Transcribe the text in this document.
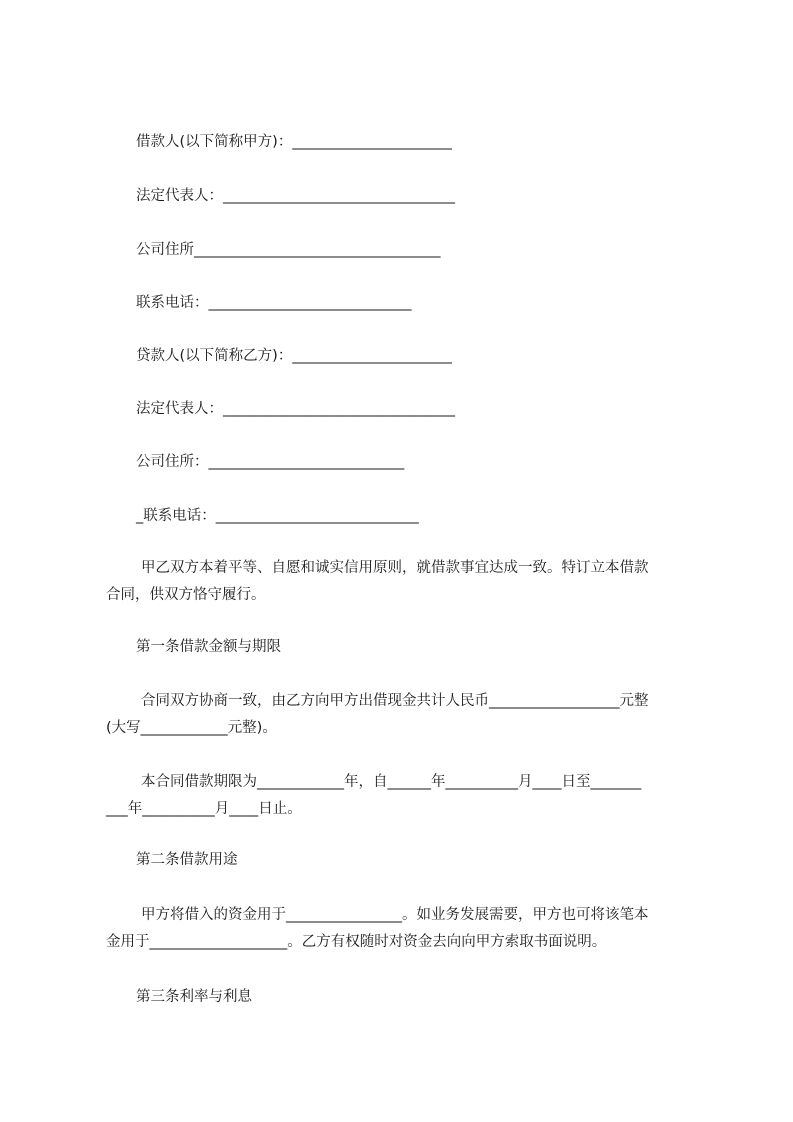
借款人(以下简称甲方)：______________________
法定代表人：________________________________
公司住所__________________________________
联系电话：____________________________
贷款人(以下简称乙方)：______________________
法定代表人：________________________________
公司住所：___________________________
_联系电话：____________________________
甲乙双方本着平等、自愿和诚实信用原则，就借款事宜达成一致。特订立本借款
合同，供双方恪守履行。
第一条借款金额与期限
合同双方协商一致，由乙方向甲方出借现金共计人民币__________________元整
(大写____________元整)。
本合同借款期限为____________年，自______年__________月____日至_______
___年__________月____日止。
第二条借款用途
甲方将借入的资金用于________________。如业务发展需要，甲方也可将该笔本
金用于___________________。乙方有权随时对资金去向向甲方索取书面说明。
第三条利率与利息
